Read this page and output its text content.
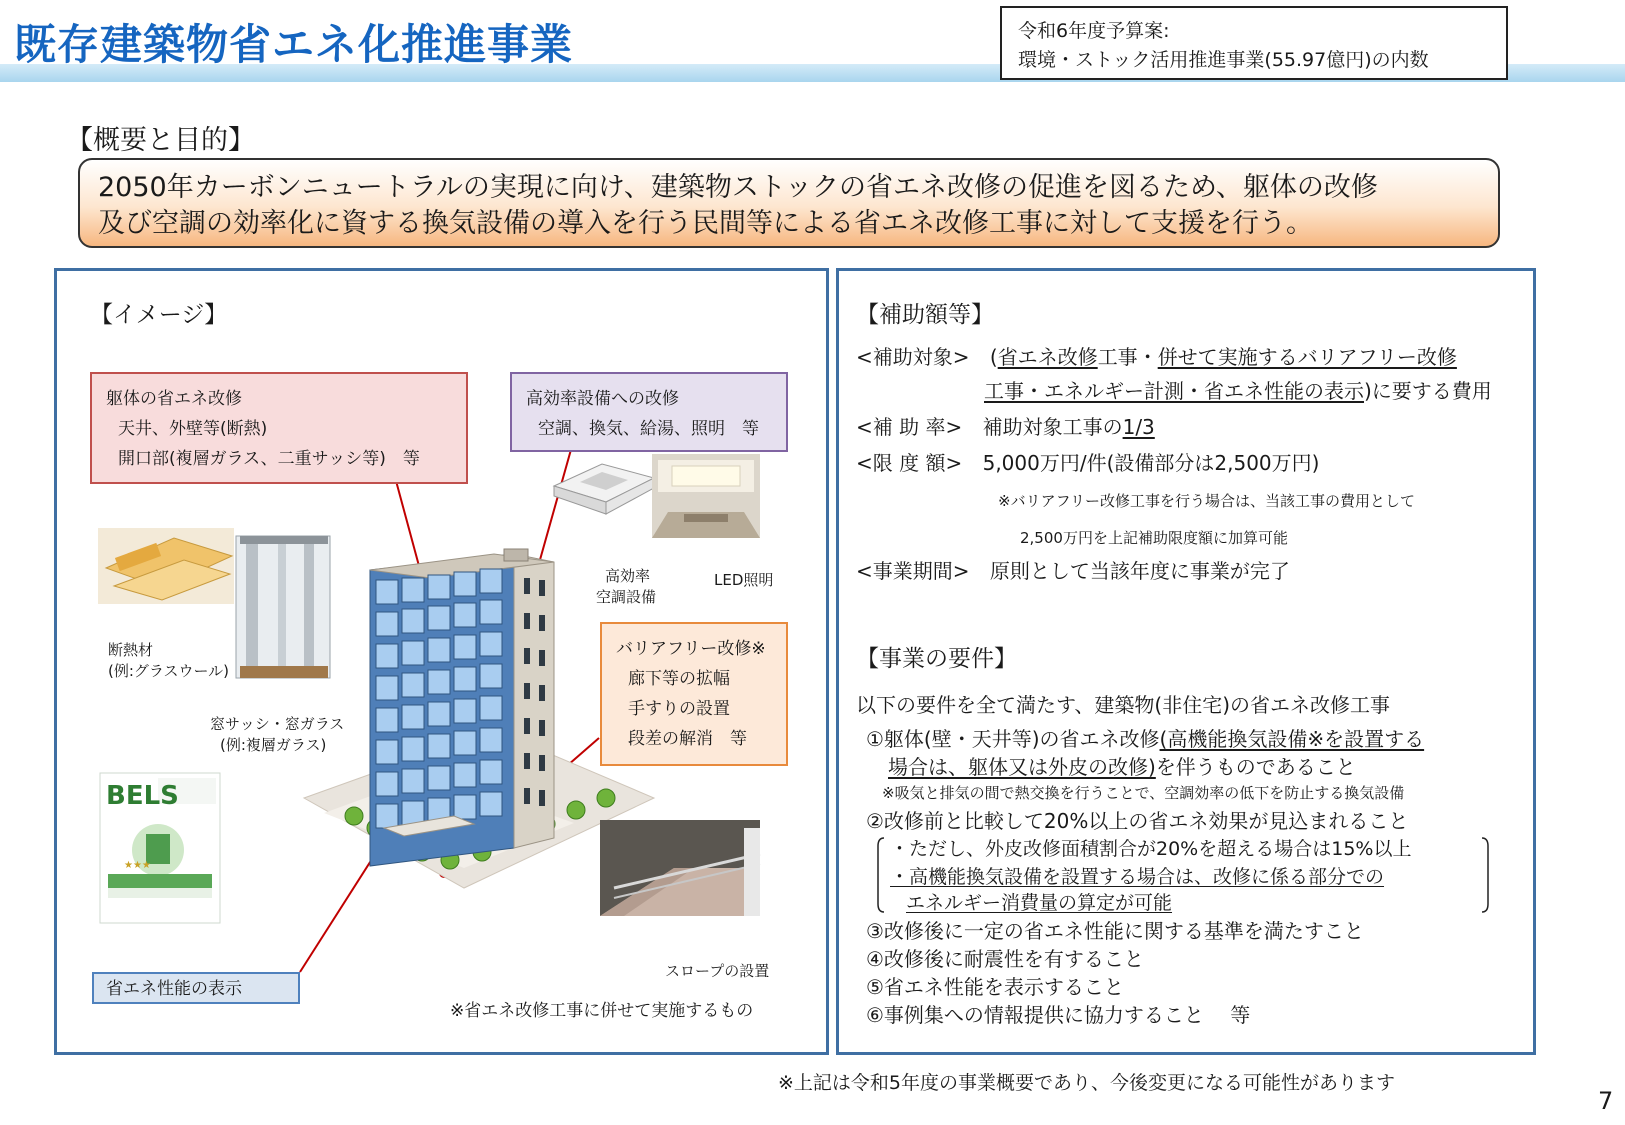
既存建築物省エネ化推進事業	令和6年度予算案:
環境・ストック活用推進事業(55.97億円)の内数
【概要と目的】
2050年カーボンニュートラルの実現に向け、建築物ストックの省エネ改修の促進を図るため、躯体の改修
及び空調の効率化に資する換気設備の導入を行う民間等による省エネ改修工事に対して支援を行う。
【イメージ】
★★★
BELS
躯体の省エネ改修
天井、外壁等(断熱)
開口部(複層ガラス、二重サッシ等)　等
高効率設備への改修
空調、換気、給湯、照明　等
バリアフリー改修※
廊下等の拡幅
手すりの設置
段差の解消　等
省エネ性能の表示
断熱材
(例:グラスウール)
窓サッシ・窓ガラス
(例:複層ガラス)
高効率
空調設備
LED照明
スロープの設置
※省エネ改修工事に併せて実施するもの
【補助額等】
<補助対象> (省エネ改修工事・併せて実施するバリアフリー改修
工事・エネルギー計測・省エネ性能の表示)に要する費用
<補 助 率> 補助対象工事の1/3
<限 度 額> 5,000万円/件(設備部分は2,500万円)
※バリアフリー改修工事を行う場合は、当該工事の費用として
2,500万円を上記補助限度額に加算可能
<事業期間> 原則として当該年度に事業が完了
【事業の要件】
以下の要件を全て満たす、建築物(非住宅)の省エネ改修工事
①躯体(壁・天井等)の省エネ改修(高機能換気設備※を設置する
場合は、躯体又は外皮の改修)を伴うものであること
※吸気と排気の間で熱交換を行うことで、空調効率の低下を防止する換気設備
②改修前と比較して20%以上の省エネ効果が見込まれること
・ただし、外皮改修面積割合が20%を超える場合は15%以上
・高機能換気設備を設置する場合は、改修に係る部分での
エネルギー消費量の算定が可能
③改修後に一定の省エネ性能に関する基準を満たすこと
④改修後に耐震性を有すること
⑤省エネ性能を表示すること
⑥事例集への情報提供に協力すること　 等
※上記は令和5年度の事業概要であり、今後変更になる可能性があります
7
